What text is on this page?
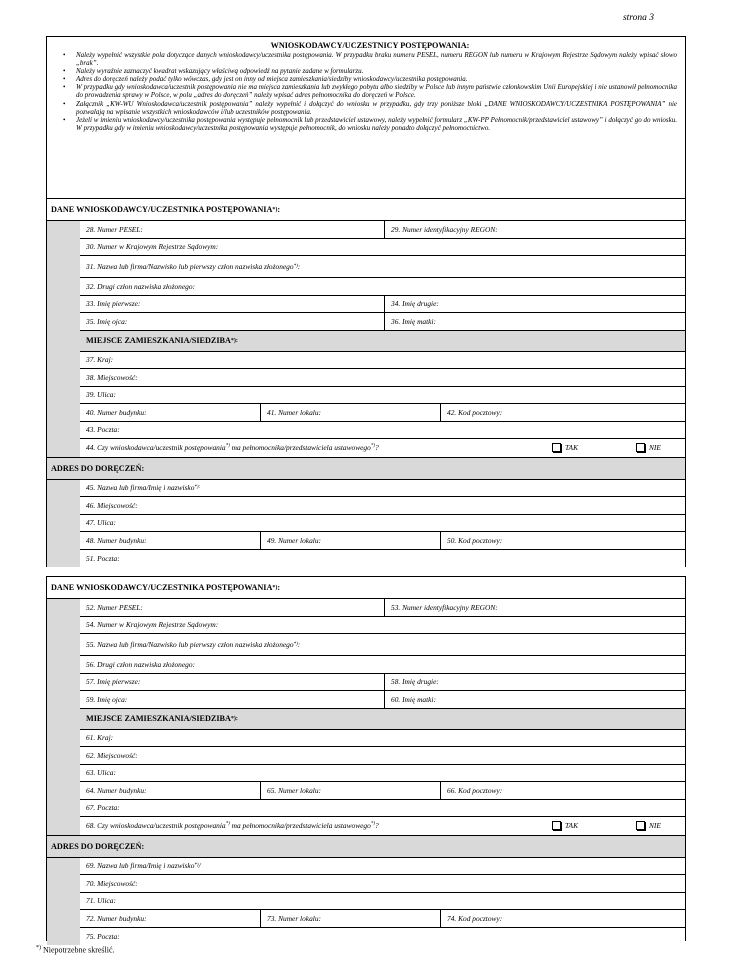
strona 3
WNIOSKODAWCY/UCZESTNICY POSTĘPOWANIA:
• Należy wypełnić wszystkie pola dotyczące danych wnioskodawcy/uczestnika postępowania. W przypadku braku numeru PESEL, numeru REGON lub numeru w Krajowym Rejestrze Sądowym należy wpisać słowo „brak”.
• Należy wyraźnie zaznaczyć kwadrat wskazujący właściwą odpowiedź na pytanie zadane w formularzu.
• Adres do doręczeń należy podać tylko wówczas, gdy jest on inny od miejsca zamieszkania/siedziby wnioskodawcy/uczestnika postępowania.
• W przypadku gdy wnioskodawca/uczestnik postępowania nie ma miejsca zamieszkania lub zwykłego pobytu albo siedziby w Polsce lub innym państwie członkowskim Unii Europejskiej i nie ustanowił pełnomocnika do prowadzenia sprawy w Polsce, w polu „adres do doręczeń” należy wpisać adres pełnomocnika do doręczeń w Polsce.
• Załącznik „KW-WU Wnioskodawca/uczestnik postępowania” należy wypełnić i dołączyć do wniosku w przypadku, gdy trzy poniższe bloki „DANE WNIOSKODAWCY/UCZESTNIKA POSTĘPOWANIA” nie pozwalają na wpisanie wszystkich wnioskodawców i/lub uczestników postępowania.
• Jeżeli w imieniu wnioskodawcy/uczestnika postępowania występuje pełnomocnik lub przedstawiciel ustawowy, należy wypełnić formularz „KW-PP Pełnomocnik/przedstawiciel ustawowy” i dołączyć go do wniosku. W przypadku gdy w imieniu wnioskodawcy/uczestnika postępowania występuje pełnomocnik, do wniosku należy ponadto dołączyć pełnomocnictwo.
DANE WNIOSKODAWCY/UCZESTNIKA POSTĘPOWANIA *) :
28. Numer PESEL:	29. Numer identyfikacyjny REGON:
30. Numer w Krajowym Rejestrze Sądowym:
31. Nazwa lub firma/Nazwisko lub pierwszy człon nazwiska złożonego *) :
32. Drugi człon nazwiska złożonego:
33. Imię pierwsze:	34. Imię drugie:
35. Imię ojca:	36. Imię matki:
MIEJSCE ZAMIESZKANIA/SIEDZIBA *):
37. Kraj:
38. Miejscowość:
39. Ulica:
40. Numer budynku:	41. Numer lokalu:	42. Kod pocztowy:
43. Poczta:
44. Czy wnioskodawca/uczestnik postępowania*) ma pełnomocnika/przedstawiciela ustawowego*)?	TAK	NIE
ADRES DO DORĘCZEŃ:
45. Nazwa lub firma/Imię i nazwisko *):
46. Miejscowość:
47. Ulica:
48. Numer budynku:	49. Numer lokalu:	50. Kod pocztowy:
51. Poczta:
DANE WNIOSKODAWCY/UCZESTNIKA POSTĘPOWANIA *) :
52. Numer PESEL:	53. Numer identyfikacyjny REGON:
54. Numer w Krajowym Rejestrze Sądowym:
55. Nazwa lub firma/Nazwisko lub pierwszy człon nazwiska złożonego *) :
56. Drugi człon nazwiska złożonego:
57. Imię pierwsze:	58. Imię drugie:
59. Imię ojca:	60. Imię matki:
MIEJSCE ZAMIESZKANIA/SIEDZIBA *):
61. Kraj:
62. Miejscowość:
63. Ulica:
64. Numer budynku:	65. Numer lokalu:	66. Kod pocztowy:
67. Poczta:
68. Czy wnioskodawca/uczestnik postępowania*) ma pełnomocnika/przedstawiciela ustawowego*)?	TAK	NIE
ADRES DO DORĘCZEŃ:
69. Nazwa lub firma/Imię i nazwisko *) /
70. Miejscowość:
71. Ulica:
72. Numer budynku:	73. Numer lokalu:	74. Kod pocztowy:
75. Poczta:
*) Niepotrzebne skreślić.
